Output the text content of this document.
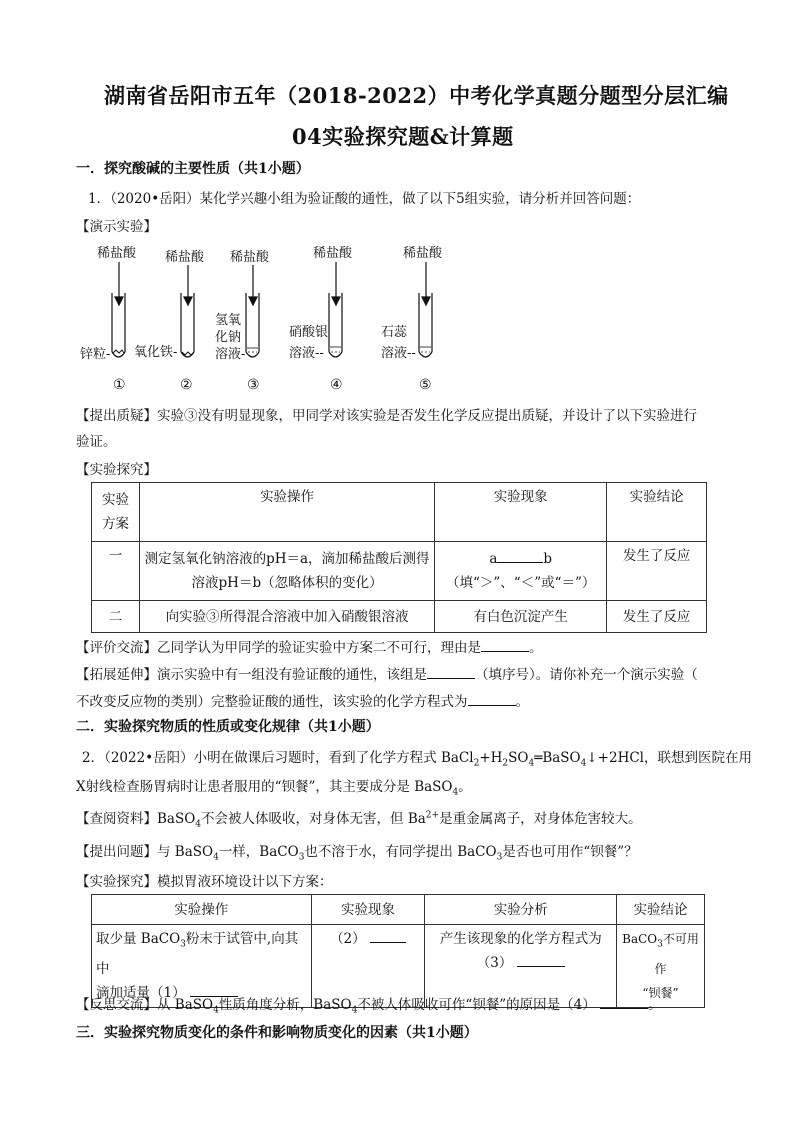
湖南省岳阳市五年（2018-2022）中考化学真题分题型分层汇编
04实验探究题&计算题
一．探究酸碱的主要性质（共1小题）
1．（2020•岳阳）某化学兴趣小组为验证酸的通性，做了以下5组实验，请分析并回答问题：
【演示实验】
稀盐酸 稀盐酸 稀盐酸	稀盐酸	稀盐酸
锌粒- 氧化铁-
氢氧
化钠
溶液-
硝酸银
溶液--
石蕊
溶液--
①	②	③	④	⑤
【提出质疑】实验③没有明显现象，甲同学对该实验是否发生化学反应提出质疑，并设计了以下实验进行
验证。
【实验探究】
实验
方案	实验操作	实验现象	实验结论
一	测定氢氧化钠溶液的pH＝a，滴加稀盐酸后测得
溶液pH＝b（忽略体积的变化）	a b
（填“＞”、“＜”或“＝”）	发生了反应
二	向实验③所得混合溶液中加入硝酸银溶液	有白色沉淀产生	发生了反应
【评价交流】乙同学认为甲同学的验证实验中方案二不可行，理由是	。
【拓展延伸】演示实验中有一组没有验证酸的通性，该组是	（填序号）。请你补充一个演示实验（
不改变反应物的类别）完整验证酸的通性，该实验的化学方程式为	。
二．实验探究物质的性质或变化规律（共1小题）
2．（2022•岳阳）小明在做课后习题时，看到了化学方程式 $BaCl_2+H_2SO_4═BaSO_4↓+2HCl$，联想到医院在用
X射线检查肠胃病时让患者服用的“钡餐”，其主要成分是 BaSO$_4$。
【查阅资料】BaSO$_4$不会被人体吸收，对身体无害，但 $Ba^{2+}$是重金属离子，对身体危害较大。
【提出问题】与 BaSO$_4$一样，BaCO$_3$也不溶于水，有同学提出 BaCO$_3$是否也可用作“钡餐”？
【实验探究】模拟胃液环境设计以下方案：
实验操作	实验现象	实验分析	实验结论
取少量 BaCO$_3$粉末于试管中,向其中
滴加适量（1）	（2）	产生该现象的化学方程式为
（3）	BaCO$_3$不可用作
“钡餐”
【反思交流】从 BaSO$_4$性质角度分析，BaSO$_4$不被人体吸收可作“钡餐”的原因是（4）	。
三．实验探究物质变化的条件和影响物质变化的因素（共1小题）
